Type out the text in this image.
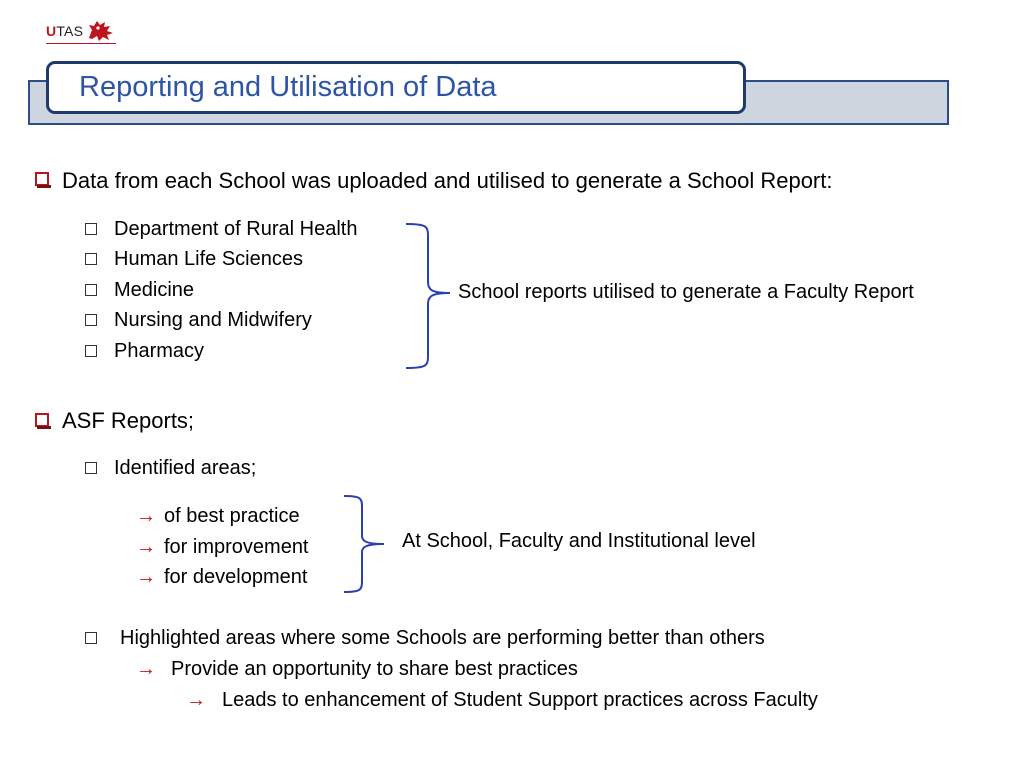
UTAS
Reporting and Utilisation of Data
Data from each School was uploaded and utilised to generate a School Report:
Department of Rural Health
Human Life Sciences
Medicine
Nursing and Midwifery
Pharmacy
School reports utilised to generate a Faculty Report
ASF Reports;
Identified areas;
→ of best practice
→ for improvement
→ for development
At School, Faculty and Institutional level
Highlighted areas where some Schools are performing better than others
→ Provide an opportunity to share best practices
→ Leads to enhancement of Student Support practices across Faculty
